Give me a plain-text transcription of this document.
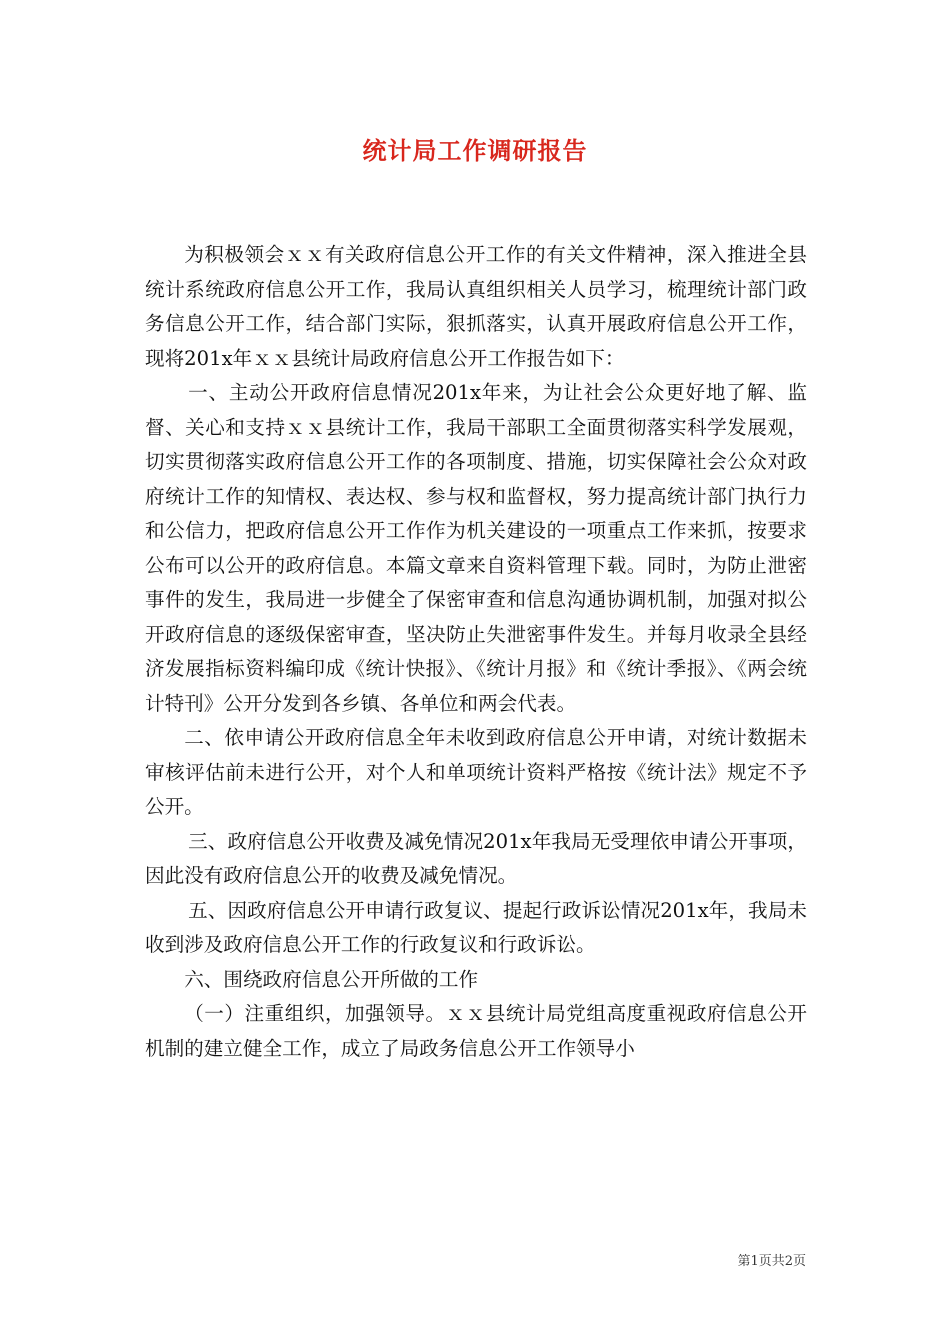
统计局工作调研报告

为积极领会ｘｘ有关政府信息公开工作的有关文件精神，深入推进全县统计系统政府信息公开工作，我局认真组织相关人员学习，梳理统计部门政务信息公开工作，结合部门实际，狠抓落实，认真开展政府信息公开工作，现将201x年ｘｘ县统计局政府信息公开工作报告如下：

一、主动公开政府信息情况201x年来，为让社会公众更好地了解、监督、关心和支持ｘｘ县统计工作，我局干部职工全面贯彻落实科学发展观，切实贯彻落实政府信息公开工作的各项制度、措施，切实保障社会公众对政府统计工作的知情权、表达权、参与权和监督权，努力提高统计部门执行力和公信力，把政府信息公开工作作为机关建设的一项重点工作来抓，按要求公布可以公开的政府信息。本篇文章来自资料管理下载。同时，为防止泄密事件的发生，我局进一步健全了保密审查和信息沟通协调机制，加强对拟公开政府信息的逐级保密审查，坚决防止失泄密事件发生。并每月收录全县经济发展指标资料编印成《统计快报》、《统计月报》和《统计季报》、《两会统计特刊》公开分发到各乡镇、各单位和两会代表。

二、依申请公开政府信息全年未收到政府信息公开申请，对统计数据未审核评估前未进行公开，对个人和单项统计资料严格按《统计法》规定不予公开。

三、政府信息公开收费及减免情况201x年我局无受理依申请公开事项，因此没有政府信息公开的收费及减免情况。

五、因政府信息公开申请行政复议、提起行政诉讼情况201x年，我局未收到涉及政府信息公开工作的行政复议和行政诉讼。

六、围绕政府信息公开所做的工作

（一）注重组织，加强领导。ｘｘ县统计局党组高度重视政府信息公开机制的建立健全工作，成立了局政务信息公开工作领导小

第1页共2页
